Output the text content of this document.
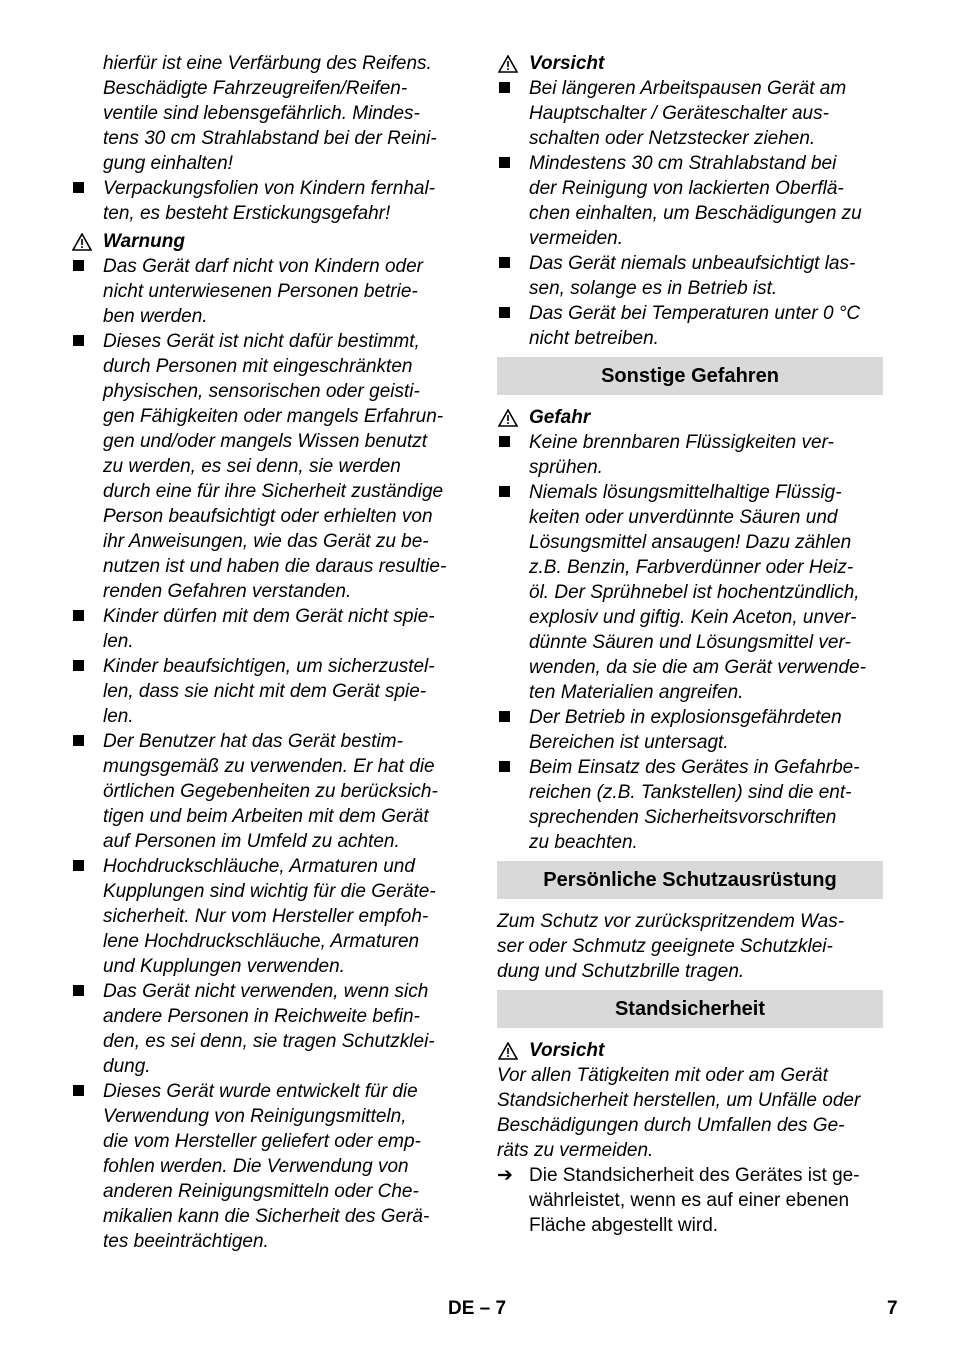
hierfür ist eine Verfärbung des Reifens.
Beschädigte Fahrzeugreifen/Reifen-
ventile sind lebensgefährlich. Mindes-
tens 30 cm Strahlabstand bei der Reini-
gung einhalten!
Verpackungsfolien von Kindern fernhal-
ten, es besteht Erstickungsgefahr!
Warnung
Das Gerät darf nicht von Kindern oder
nicht unterwiesenen Personen betrie-
ben werden.
Dieses Gerät ist nicht dafür bestimmt,
durch Personen mit eingeschränkten
physischen, sensorischen oder geisti-
gen Fähigkeiten oder mangels Erfahrun-
gen und/oder mangels Wissen benutzt
zu werden, es sei denn, sie werden
durch eine für ihre Sicherheit zuständige
Person beaufsichtigt oder erhielten von
ihr Anweisungen, wie das Gerät zu be-
nutzen ist und haben die daraus resultie-
renden Gefahren verstanden.
Kinder dürfen mit dem Gerät nicht spie-
len.
Kinder beaufsichtigen, um sicherzustel-
len, dass sie nicht mit dem Gerät spie-
len.
Der Benutzer hat das Gerät bestim-
mungsgemäß zu verwenden. Er hat die
örtlichen Gegebenheiten zu berücksich-
tigen und beim Arbeiten mit dem Gerät
auf Personen im Umfeld zu achten.
Hochdruckschläuche, Armaturen und
Kupplungen sind wichtig für die Geräte-
sicherheit. Nur vom Hersteller empfoh-
lene Hochdruckschläuche, Armaturen
und Kupplungen verwenden.
Das Gerät nicht verwenden, wenn sich
andere Personen in Reichweite befin-
den, es sei denn, sie tragen Schutzklei-
dung.
Dieses Gerät wurde entwickelt für die
Verwendung von Reinigungsmitteln,
die vom Hersteller geliefert oder emp-
fohlen werden. Die Verwendung von
anderen Reinigungsmitteln oder Che-
mikalien kann die Sicherheit des Gerä-
tes beeinträchtigen.
Vorsicht
Bei längeren Arbeitspausen Gerät am
Hauptschalter / Geräteschalter aus-
schalten oder Netzstecker ziehen.
Mindestens 30 cm Strahlabstand bei
der Reinigung von lackierten Oberflä-
chen einhalten, um Beschädigungen zu
vermeiden.
Das Gerät niemals unbeaufsichtigt las-
sen, solange es in Betrieb ist.
Das Gerät bei Temperaturen unter 0 °C
nicht betreiben.
Sonstige Gefahren
Gefahr
Keine brennbaren Flüssigkeiten ver-
sprühen.
Niemals lösungsmittelhaltige Flüssig-
keiten oder unverdünnte Säuren und
Lösungsmittel ansaugen! Dazu zählen
z.B. Benzin, Farbverdünner oder Heiz-
öl. Der Sprühnebel ist hochentzündlich,
explosiv und giftig. Kein Aceton, unver-
dünnte Säuren und Lösungsmittel ver-
wenden, da sie die am Gerät verwende-
ten Materialien angreifen.
Der Betrieb in explosionsgefährdeten
Bereichen ist untersagt.
Beim Einsatz des Gerätes in Gefahrbe-
reichen (z.B. Tankstellen) sind die ent-
sprechenden Sicherheitsvorschriften
zu beachten.
Persönliche Schutzausrüstung
Zum Schutz vor zurückspritzendem Was-
ser oder Schmutz geeignete Schutzklei-
dung und Schutzbrille tragen.
Standsicherheit
Vorsicht
Vor allen Tätigkeiten mit oder am Gerät
Standsicherheit herstellen, um Unfälle oder
Beschädigungen durch Umfallen des Ge-
räts zu vermeiden.
➔ Die Standsicherheit des Gerätes ist ge-
währleistet, wenn es auf einer ebenen
Fläche abgestellt wird.
DE – 7	7
